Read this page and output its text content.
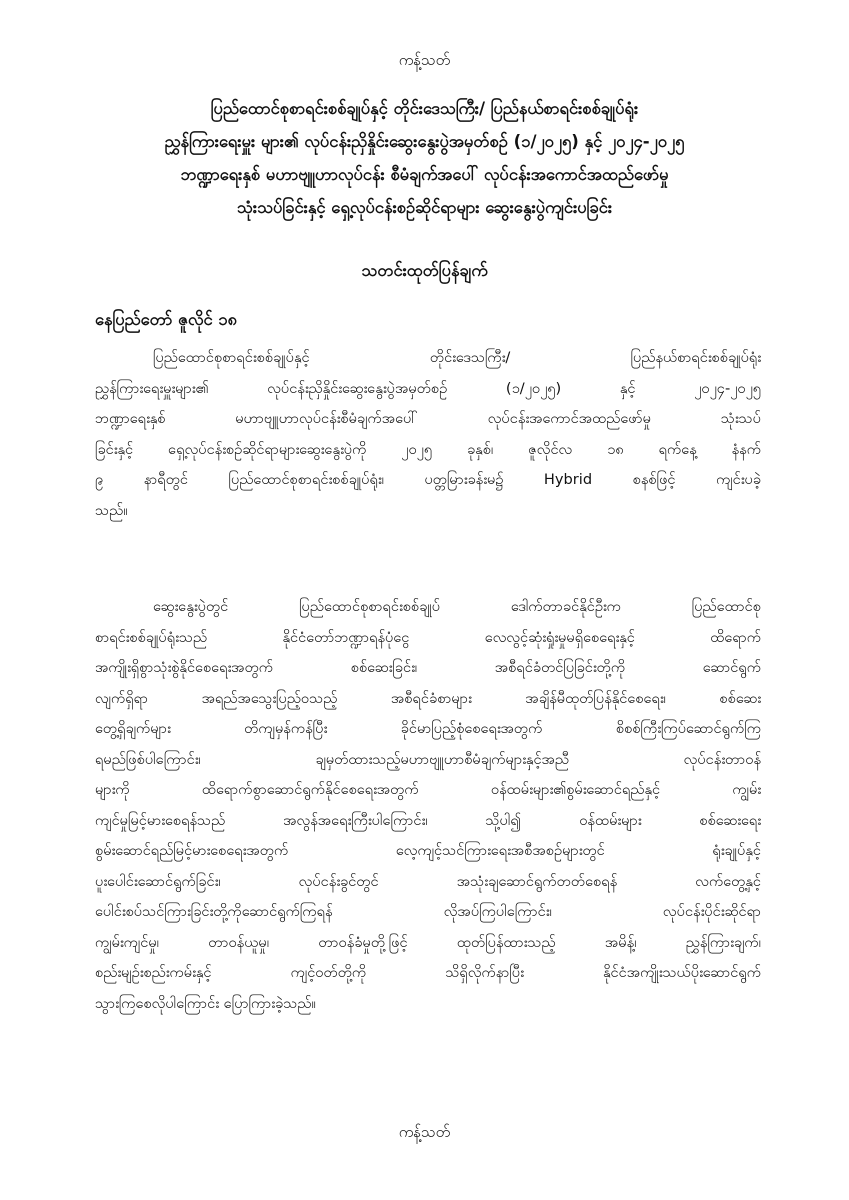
ကန့်သတ်
ပြည်ထောင်စုစာရင်းစစ်ချုပ်နှင့် တိုင်းဒေသကြီး/ ပြည်နယ်စာရင်းစစ်ချုပ်ရုံး
ညွှန်ကြားရေးမှူး များ၏ လုပ်ငန်းညှိနှိုင်းဆွေးနွေးပွဲအမှတ်စဉ် (၁/၂၀၂၅) နှင့် ၂၀၂၄-၂၀၂၅
ဘဏ္ဍာရေးနှစ် မဟာဗျူဟာလုပ်ငန်း စီမံချက်အပေါ် လုပ်ငန်းအကောင်အထည်ဖော်မှု
သုံးသပ်ခြင်းနှင့် ရှေ့လုပ်ငန်းစဉ်ဆိုင်ရာများ ဆွေးနွေးပွဲကျင်းပခြင်း
သတင်းထုတ်ပြန်ချက်
နေပြည်တော် ဇူလိုင် ၁၈
ပြည်ထောင်စုစာရင်းစစ်ချုပ်နှင့် တိုင်းဒေသကြီး/ ပြည်နယ်စာရင်းစစ်ချုပ်ရုံး
ညွှန်ကြားရေးမှူးများ၏ လုပ်ငန်းညှိနှိုင်းဆွေးနွေးပွဲအမှတ်စဉ် (၁/၂၀၂၅) နှင့် ၂၀၂၄-၂၀၂၅
ဘဏ္ဍာရေးနှစ် မဟာဗျူဟာလုပ်ငန်းစီမံချက်အပေါ် လုပ်ငန်းအကောင်အထည်ဖော်မှု သုံးသပ်
ခြင်းနှင့် ရှေ့လုပ်ငန်းစဉ်ဆိုင်ရာများဆွေးနွေးပွဲကို ၂၀၂၅ ခုနှစ်၊ ဇူလိုင်လ ၁၈ ရက်နေ့ နံနက်
၉ နာရီတွင် ပြည်ထောင်စုစာရင်းစစ်ချုပ်ရုံး၊ ပတ္တမြားခန်းမ၌ Hybrid စနစ်ဖြင့် ကျင်းပခဲ့
သည်။
ဆွေးနွေးပွဲတွင် ပြည်ထောင်စုစာရင်းစစ်ချုပ် ဒေါက်တာခင်နိုင်ဦးက ပြည်ထောင်စု
စာရင်းစစ်ချုပ်ရုံးသည် နိုင်ငံတော်ဘဏ္ဍာရန်ပုံငွေ လေလွင့်ဆုံးရှုံးမှုမရှိစေရေးနှင့် ထိရောက်
အကျိုးရှိစွာသုံးစွဲနိုင်စေရေးအတွက် စစ်ဆေးခြင်း၊ အစီရင်ခံတင်ပြခြင်းတို့ကို ဆောင်ရွက်
လျက်ရှိရာ အရည်အသွေးပြည့်ဝသည့် အစီရင်ခံစာများ အချိန်မီထုတ်ပြန်နိုင်စေရေး၊ စစ်ဆေး
တွေ့ရှိချက်များ တိကျမှန်ကန်ပြီး ခိုင်မာပြည့်စုံစေရေးအတွက် စိစစ်ကြီးကြပ်ဆောင်ရွက်ကြ
ရမည်ဖြစ်ပါကြောင်း၊ ချမှတ်ထားသည့်မဟာဗျူဟာစီမံချက်များနှင့်အညီ လုပ်ငန်းတာဝန်
များကို ထိရောက်စွာဆောင်ရွက်နိုင်စေရေးအတွက် ဝန်ထမ်းများ၏စွမ်းဆောင်ရည်နှင့် ကျွမ်း
ကျင်မှုမြင့်မားစေရန်သည် အလွန်အရေးကြီးပါကြောင်း၊ သို့ပါ၍ ဝန်ထမ်းများ စစ်ဆေးရေး
စွမ်းဆောင်ရည်မြင့်မားစေရေးအတွက် လေ့ကျင့်သင်ကြားရေးအစီအစဉ်များတွင် ရုံးချုပ်နှင့်
ပူးပေါင်းဆောင်ရွက်ခြင်း၊ လုပ်ငန်းခွင်တွင် အသုံးချဆောင်ရွက်တတ်စေရန် လက်တွေ့နှင့်
ပေါင်းစပ်သင်ကြားခြင်းတို့ကိုဆောင်ရွက်ကြရန် လိုအပ်ကြပါကြောင်း၊ လုပ်ငန်းပိုင်းဆိုင်ရာ
ကျွမ်းကျင်မှု၊ တာဝန်ယူမှု၊ တာဝန်ခံမှုတို့ဖြင့် ထုတ်ပြန်ထားသည့် အမိန့်၊ ညွှန်ကြားချက်၊
စည်းမျဉ်းစည်းကမ်းနှင့် ကျင့်ဝတ်တို့ကို သိရှိလိုက်နာပြီး နိုင်ငံအကျိုးသယ်ပိုးဆောင်ရွက်
သွားကြစေလိုပါကြောင်း ပြောကြားခဲ့သည်။
ကန့်သတ်
